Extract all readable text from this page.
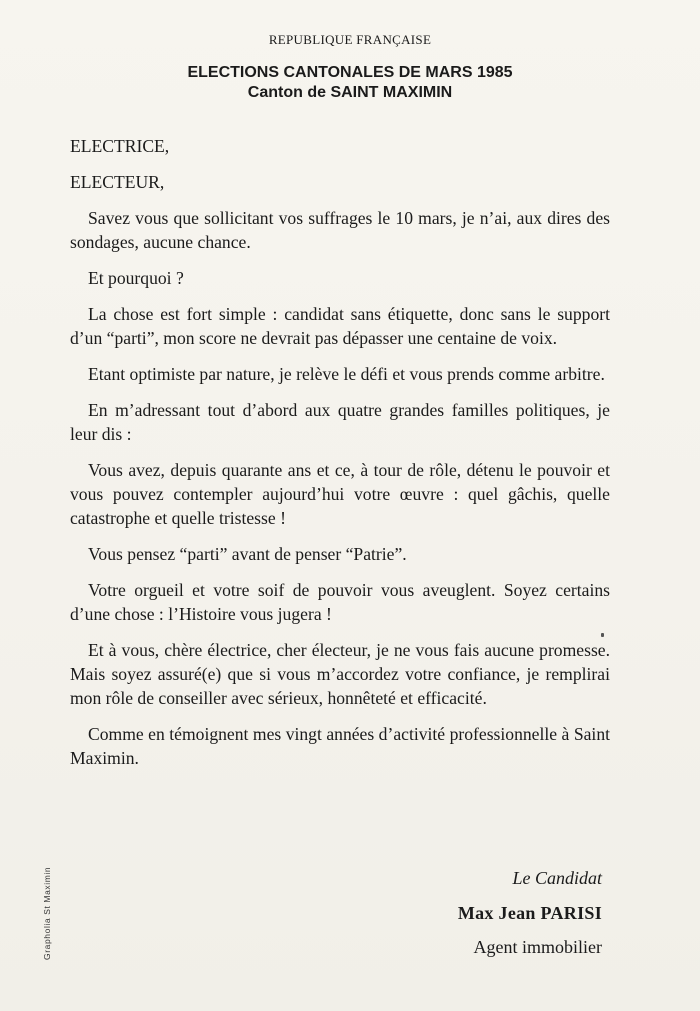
REPUBLIQUE FRANÇAISE
ELECTIONS CANTONALES DE MARS 1985
Canton de SAINT MAXIMIN

ELECTRICE,

ELECTEUR,

Savez vous que sollicitant vos suffrages le 10 mars, je n’ai, aux dires des sondages, aucune chance.

Et pourquoi ?

La chose est fort simple : candidat sans étiquette, donc sans le support d’un “parti”, mon score ne devrait pas dépasser une centaine de voix.

Etant optimiste par nature, je relève le défi et vous prends comme arbitre.

En m’adressant tout d’abord aux quatre grandes familles politiques, je leur dis :

Vous avez, depuis quarante ans et ce, à tour de rôle, détenu le pouvoir et vous pouvez contempler aujourd’hui votre œuvre : quel gâchis, quelle catastrophe et quelle tristesse !

Vous pensez “parti” avant de penser “Patrie”.

Votre orgueil et votre soif de pouvoir vous aveuglent. Soyez certains d’une chose : l’Histoire vous jugera !

Et à vous, chère électrice, cher électeur, je ne vous fais aucune promesse. Mais soyez assuré(e) que si vous m’accordez votre confiance, je remplirai mon rôle de conseiller avec sérieux, honnêteté et efficacité.

Comme en témoignent mes vingt années d’activité professionnelle à Saint Maximin.

Le Candidat
Max Jean PARISI
Agent immobilier
Grapholia St Maximin
